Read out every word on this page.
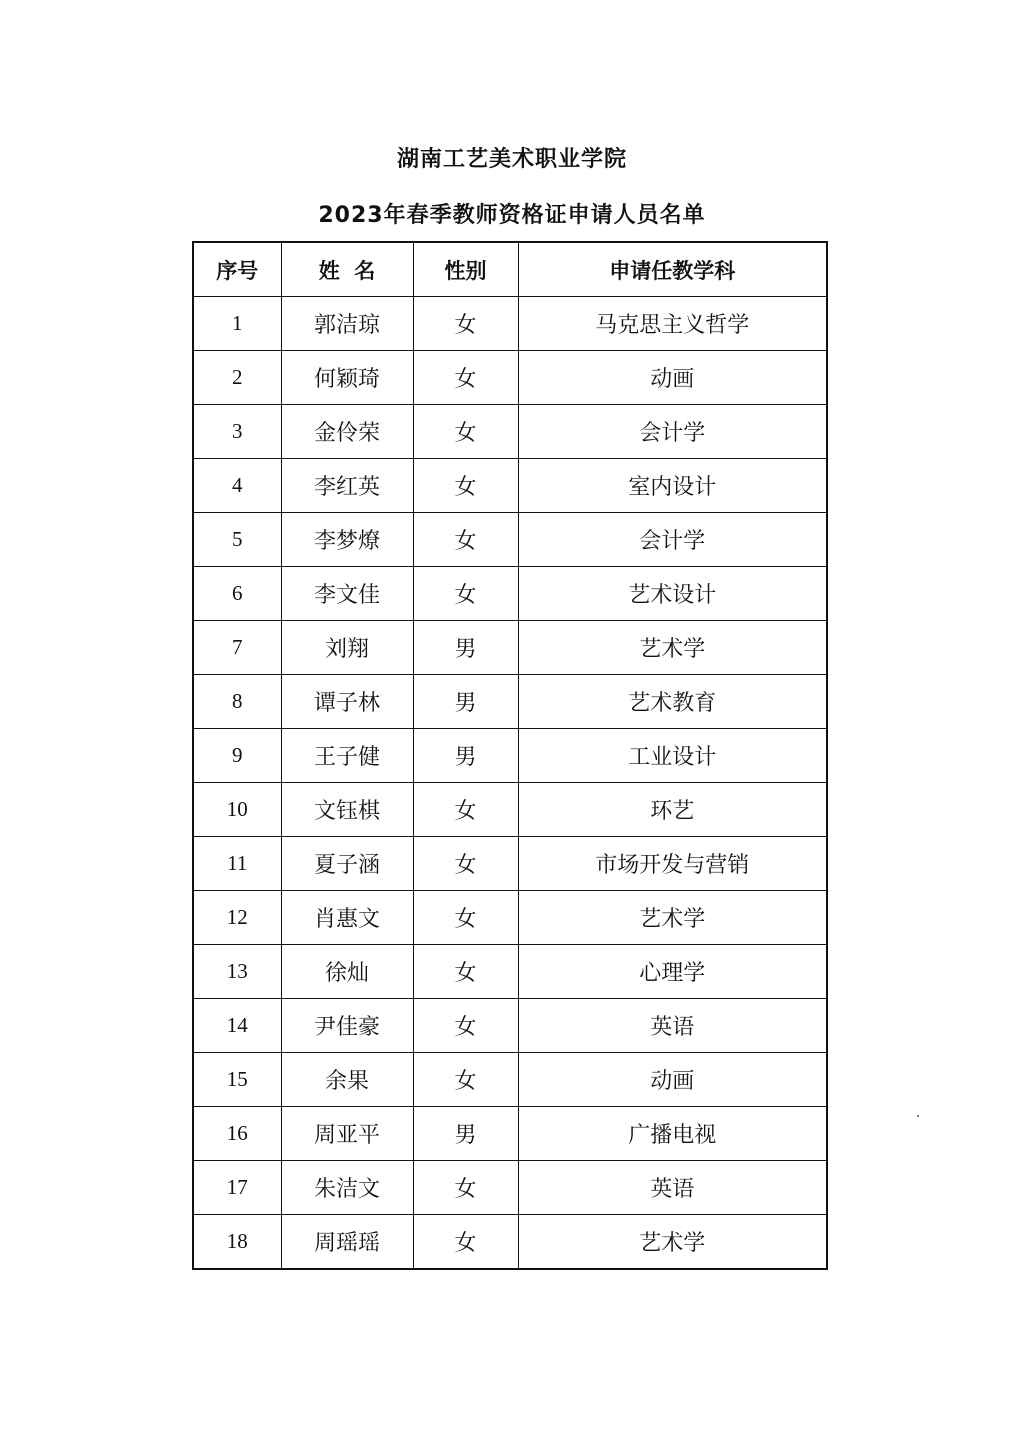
湖南工艺美术职业学院
2023年春季教师资格证申请人员名单
序号	姓  名	性别	申请任教学科
1	郭洁琼	女	马克思主义哲学
2	何颖琦	女	动画
3	金伶荣	女	会计学
4	李红英	女	室内设计
5	李梦燎	女	会计学
6	李文佳	女	艺术设计
7	刘翔	男	艺术学
8	谭子林	男	艺术教育
9	王子健	男	工业设计
10	文钰棋	女	环艺
11	夏子涵	女	市场开发与营销
12	肖惠文	女	艺术学
13	徐灿	女	心理学
14	尹佳豪	女	英语
15	余果	女	动画
16	周亚平	男	广播电视
17	朱洁文	女	英语
18	周瑶瑶	女	艺术学
